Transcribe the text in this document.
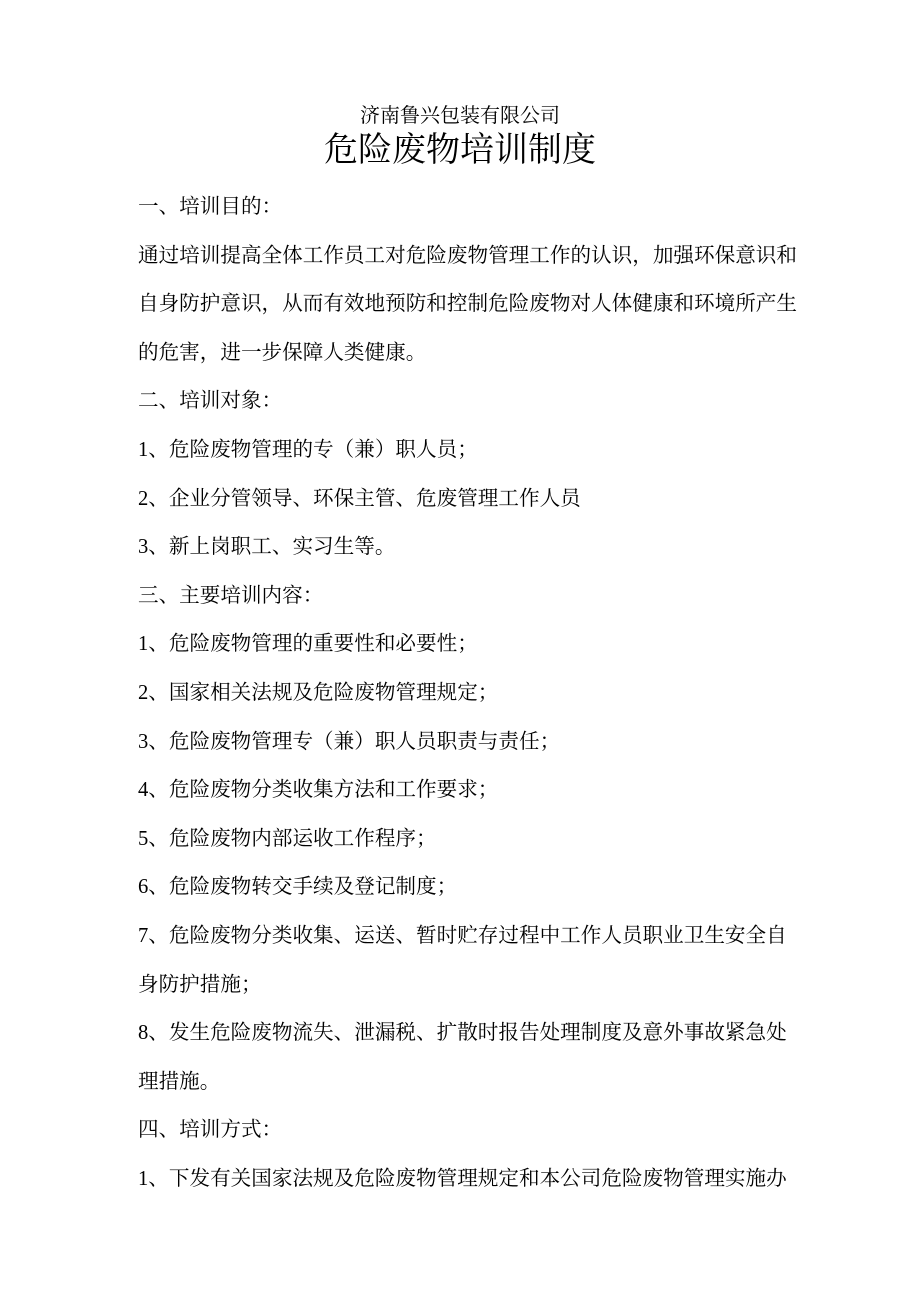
济南鲁兴包装有限公司
危险废物培训制度
一、培训目的：
通过培训提高全体工作员工对危险废物管理工作的认识，加强环保意识和
自身防护意识，从而有效地预防和控制危险废物对人体健康和环境所产生
的危害，进一步保障人类健康。
二、培训对象：
1、危险废物管理的专（兼）职人员；
2、企业分管领导、环保主管、危废管理工作人员
3、新上岗职工、实习生等。
三、主要培训内容：
1、危险废物管理的重要性和必要性；
2、国家相关法规及危险废物管理规定；
3、危险废物管理专（兼）职人员职责与责任；
4、危险废物分类收集方法和工作要求；
5、危险废物内部运收工作程序；
6、危险废物转交手续及登记制度；
7、危险废物分类收集、运送、暂时贮存过程中工作人员职业卫生安全自
身防护措施；
8、发生危险废物流失、泄漏税、扩散时报告处理制度及意外事故紧急处
理措施。
四、培训方式：
1、下发有关国家法规及危险废物管理规定和本公司危险废物管理实施办
